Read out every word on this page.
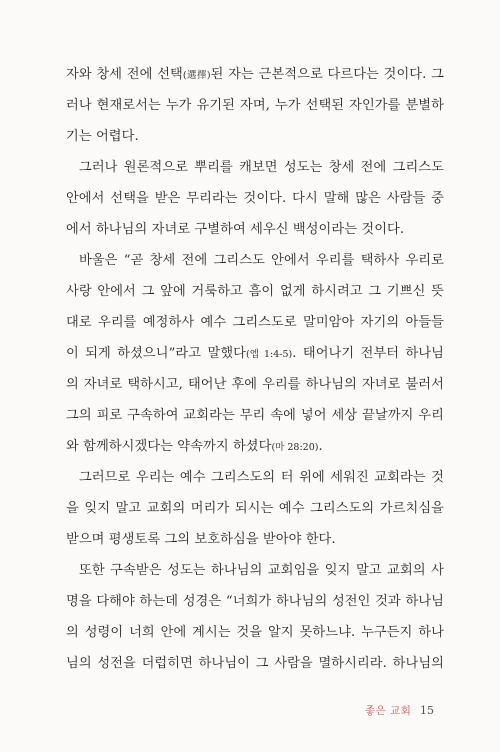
자와 창세 전에 선택(選擇)된 자는 근본적으로 다르다는 것이다. 그
러나 현재로서는 누가 유기된 자며, 누가 선택된 자인가를 분별하
기는 어렵다.
그러나 원론적으로 뿌리를 캐보면 성도는 창세 전에 그리스도
안에서 선택을 받은 무리라는 것이다. 다시 말해 많은 사람들 중
에서 하나님의 자녀로 구별하여 세우신 백성이라는 것이다.
바울은 “곧 창세 전에 그리스도 안에서 우리를 택하사 우리로
사랑 안에서 그 앞에 거룩하고 흠이 없게 하시려고 그 기쁘신 뜻
대로 우리를 예정하사 예수 그리스도로 말미암아 자기의 아들들
이 되게 하셨으니”라고 말했다(엡 1:4-5). 태어나기 전부터 하나님
의 자녀로 택하시고, 태어난 후에 우리를 하나님의 자녀로 불러서
그의 피로 구속하여 교회라는 무리 속에 넣어 세상 끝날까지 우리
와 함께하시겠다는 약속까지 하셨다(마 28:20).
그러므로 우리는 예수 그리스도의 터 위에 세워진 교회라는 것
을 잊지 말고 교회의 머리가 되시는 예수 그리스도의 가르치심을
받으며 평생토록 그의 보호하심을 받아야 한다.
또한 구속받은 성도는 하나님의 교회임을 잊지 말고 교회의 사
명을 다해야 하는데 성경은 “너희가 하나님의 성전인 것과 하나님
의 성령이 너희 안에 계시는 것을 알지 못하느냐. 누구든지 하나
님의 성전을 더럽히면 하나님이 그 사람을 멸하시리라. 하나님의
좋은 교회 15
